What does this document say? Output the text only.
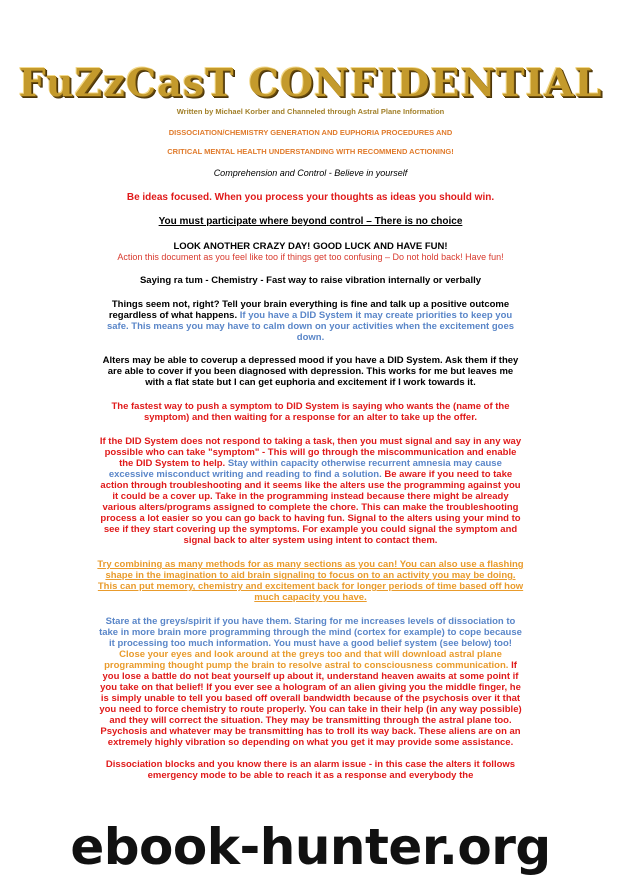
FuZzCasT CONFIDENTIAL
Written by Michael Korber and Channeled through Astral Plane Information

DISSOCIATION/CHEMISTRY GENERATION AND EUPHORIA PROCEDURES AND

CRITICAL MENTAL HEALTH UNDERSTANDING WITH RECOMMEND ACTIONING!

Comprehension and Control - Believe in yourself

Be ideas focused. When you process your thoughts as ideas you should win.

You must participate where beyond control – There is no choice

LOOK ANOTHER CRAZY DAY! GOOD LUCK AND HAVE FUN!

Action this document as you feel like too if things get too confusing – Do not hold back! Have fun!

Saying ra tum - Chemistry - Fast way to raise vibration internally or verbally

Things seem not, right? Tell your brain everything is fine and talk up a positive outcome regardless of what happens. If you have a DID System it may create priorities to keep you safe. This means you may have to calm down on your activities when the excitement goes down.

Alters may be able to coverup a depressed mood if you have a DID System. Ask them if they are able to cover if you been diagnosed with depression. This works for me but leaves me with a flat state but I can get euphoria and excitement if I work towards it.

The fastest way to push a symptom to DID System is saying who wants the (name of the symptom) and then waiting for a response for an alter to take up the offer.

If the DID System does not respond to taking a task, then you must signal and say in any way possible who can take "symptom" - This will go through the miscommunication and enable the DID System to help. Stay within capacity otherwise recurrent amnesia may cause excessive misconduct writing and reading to find a solution. Be aware if you need to take action through troubleshooting and it seems like the alters use the programming against you it could be a cover up. Take in the programming instead because there might be already various alters/programs assigned to complete the chore. This can make the troubleshooting process a lot easier so you can go back to having fun. Signal to the alters using your mind to see if they start covering up the symptoms. For example you could signal the symptom and signal back to alter system using intent to contact them.

Try combining as many methods for as many sections as you can! You can also use a flashing shape in the imagination to aid brain signaling to focus on to an activity you may be doing. This can put memory, chemistry and excitement back for longer periods of time based off how much capacity you have.

Stare at the greys/spirit if you have them. Staring for me increases levels of dissociation to take in more brain more programming through the mind (cortex for example) to cope because it processing too much information. You must have a good belief system (see below) too! Close your eyes and look around at the greys too and that will download astral plane programming thought pump the brain to resolve astral to consciousness communication. If you lose a battle do not beat yourself up about it, understand heaven awaits at some point if you take on that belief! If you ever see a hologram of an alien giving you the middle finger, he is simply unable to tell you based off overall bandwidth because of the psychosis over it that you need to force chemistry to route properly. You can take in their help (in any way possible) and they will correct the situation. They may be transmitting through the astral plane too. Psychosis and whatever may be transmitting has to troll its way back. These aliens are on an extremely highly vibration so depending on what you get it may provide some assistance.

Dissociation blocks and you know there is an alarm issue - in this case the alters it follows emergency mode to be able to reach it as a response and everybody the

ebook-hunter.org
